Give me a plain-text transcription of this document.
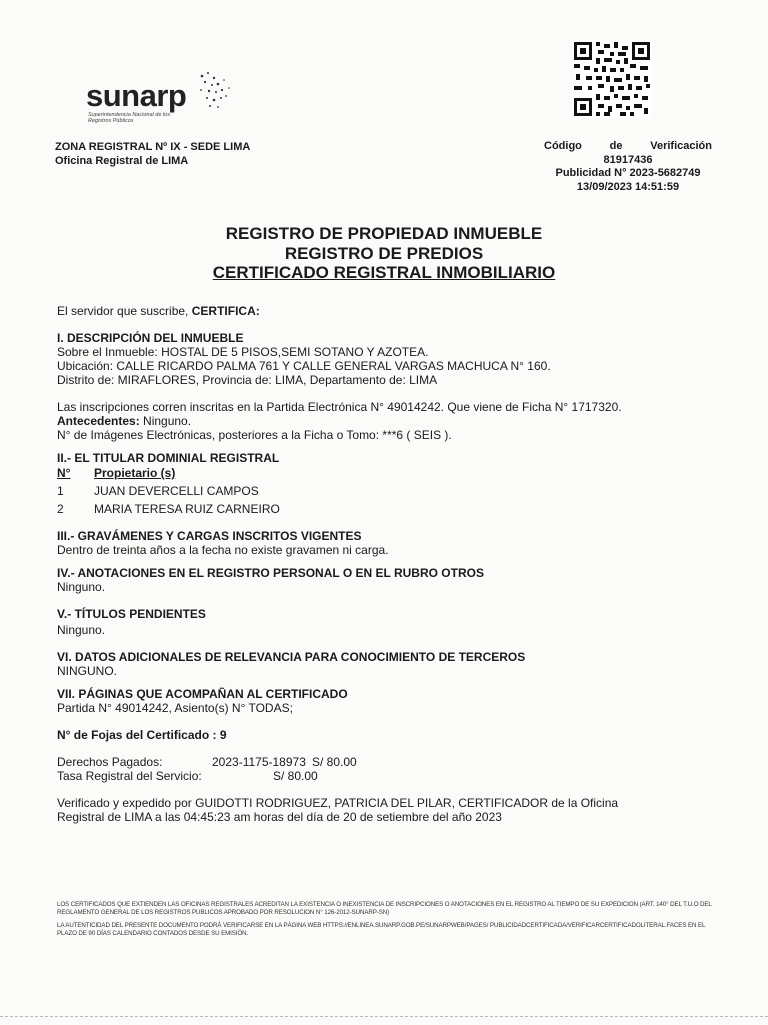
sunarp
Superintendencia Nacional de los Registros Públicos
ZONA REGISTRAL Nº IX - SEDE LIMA
Oficina Registral de LIMA
Código	de	Verificación
81917436
Publicidad N° 2023-5682749
13/09/2023 14:51:59
REGISTRO DE PROPIEDAD INMUEBLE
REGISTRO DE PREDIOS
CERTIFICADO REGISTRAL INMOBILIARIO

El servidor que suscribe, CERTIFICA:

I. DESCRIPCIÓN DEL INMUEBLE

Sobre el Inmueble: HOSTAL DE 5 PISOS,SEMI SOTANO Y AZOTEA.

Ubicación: CALLE RICARDO PALMA 761 Y CALLE GENERAL VARGAS MACHUCA N° 160.

Distrito de: MIRAFLORES, Provincia de: LIMA, Departamento de: LIMA

Las inscripciones corren inscritas en la Partida Electrónica N° 49014242. Que viene de Ficha N° 1717320.

Antecedentes: Ninguno.

N° de Imágenes Electrónicas, posteriores a la Ficha o Tomo: ***6 ( SEIS ).

II.- EL TITULAR DOMINIAL REGISTRAL

N°	Propietario (s)
1	JUAN DEVERCELLI CAMPOS
2	MARIA TERESA RUIZ CARNEIRO

III.- GRAVÁMENES Y CARGAS INSCRITOS VIGENTES

Dentro de treinta años a la fecha no existe gravamen ni carga.

IV.- ANOTACIONES EN EL REGISTRO PERSONAL O EN EL RUBRO OTROS

Ninguno.

V.- TÍTULOS PENDIENTES

Ninguno.

VI. DATOS ADICIONALES DE RELEVANCIA PARA CONOCIMIENTO DE TERCEROS

NINGUNO.

VII. PÁGINAS QUE ACOMPAÑAN AL CERTIFICADO

Partida N° 49014242, Asiento(s) N° TODAS;

N° de Fojas del Certificado : 9

Derechos Pagados:	2023-1175-18973 S/ 80.00
Tasa Registral del Servicio:	S/ 80.00

Verificado y expedido por GUIDOTTI RODRIGUEZ, PATRICIA DEL PILAR, CERTIFICADOR de la Oficina

Registral de LIMA a las 04:45:23 am horas del día de 20 de setiembre del año 2023

LOS CERTIFICADOS QUE EXTIENDEN LAS OFICINAS REGISTRALES ACREDITAN LA EXISTENCIA O INEXISTENCIA DE INSCRIPCIONES O ANOTACIONES EN EL REGISTRO AL TIEMPO DE SU EXPEDICION (ART. 140° DEL T.U.O DEL REGLAMENTO GENERAL DE LOS REGISTROS PUBLICOS APROBADO POR RESOLUCION N° 126-2012-SUNARP-SN)

LA AUTENTICIDAD DEL PRESENTE DOCUMENTO PODRÁ VERIFICARSE EN LA PÁGINA WEB HTTPS://ENLINEA.SUNARP.GOB.PE/SUNARPWEB/PAGES/ PUBLICIDADCERTIFICADA/VERIFICARCERTIFICADOLITERAL.FACES EN EL PLAZO DE 90 DÍAS CALENDARIO CONTADOS DESDE SU EMISIÓN.
